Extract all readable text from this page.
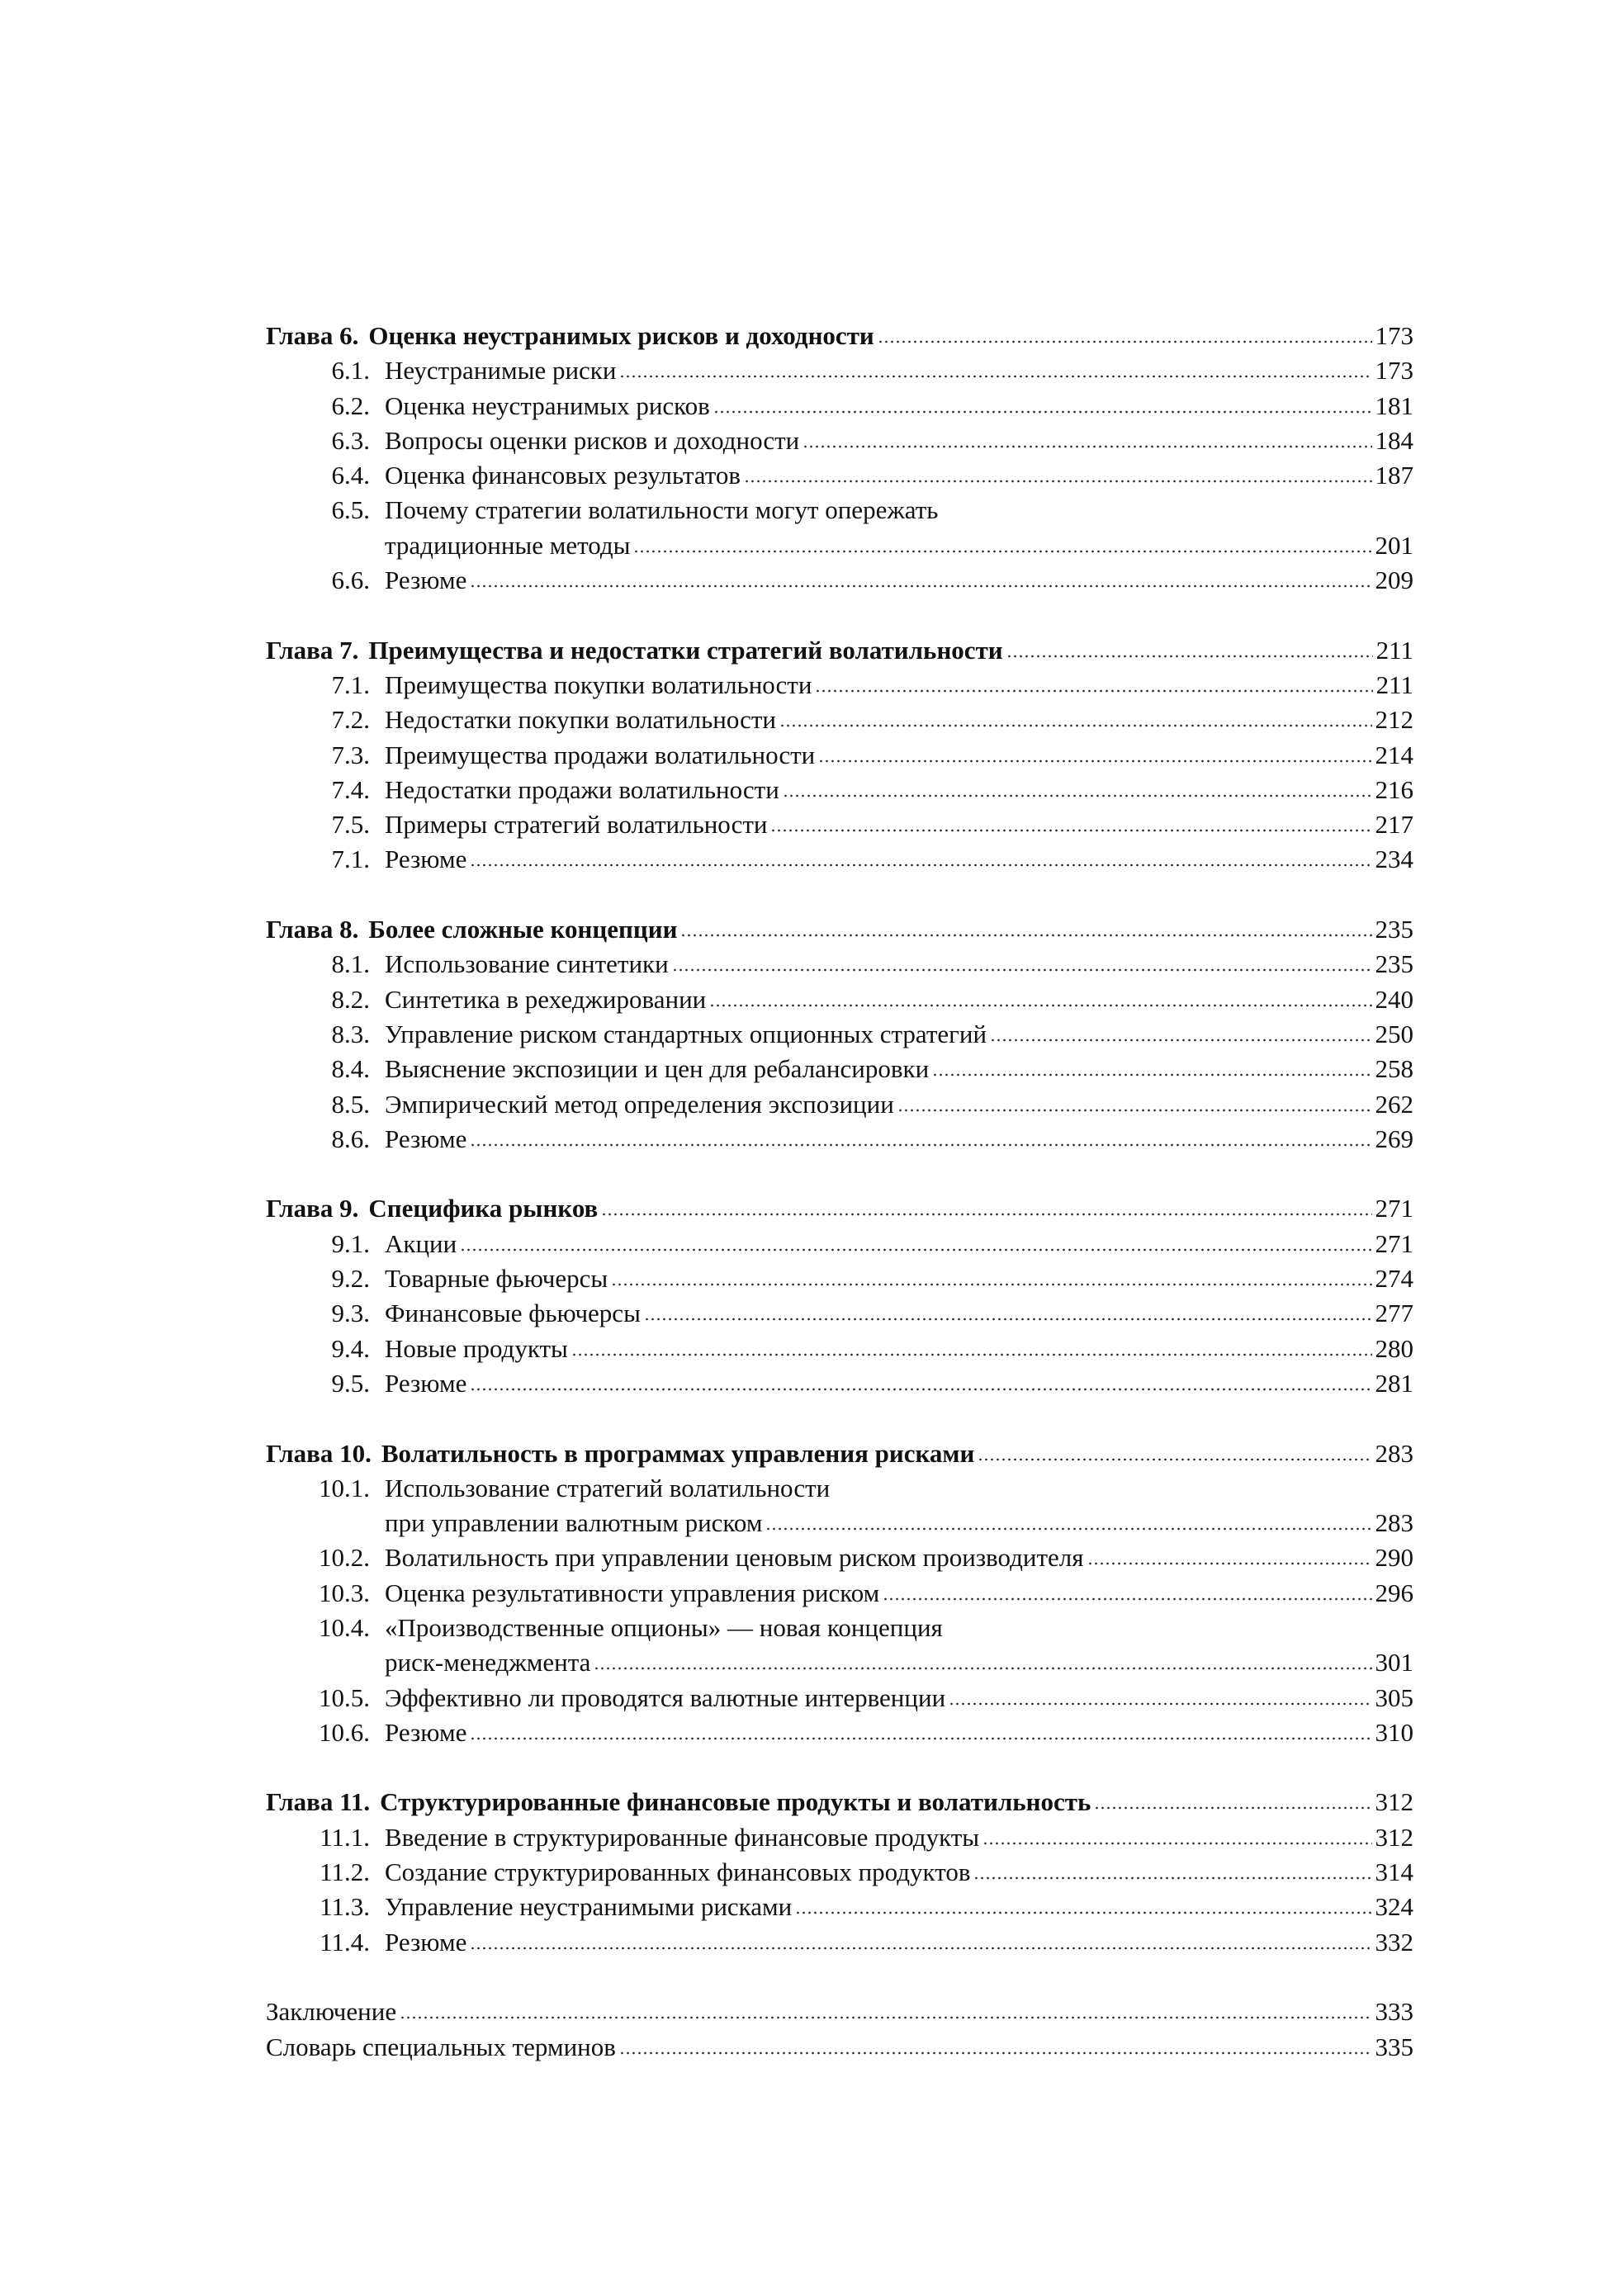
Глава 6. Оценка неустранимых рисков и доходности	173
6.1. Неустранимые риски	173
6.2. Оценка неустранимых рисков	181
6.3. Вопросы оценки рисков и доходности	184
6.4. Оценка финансовых результатов	187
6.5. Почему стратегии волатильности могут опережать
традиционные методы	201
6.6. Резюме	209
Глава 7. Преимущества и недостатки стратегий волатильности	211
7.1. Преимущества покупки волатильности	211
7.2. Недостатки покупки волатильности	212
7.3. Преимущества продажи волатильности	214
7.4. Недостатки продажи волатильности	216
7.5. Примеры стратегий волатильности	217
7.1. Резюме	234
Глава 8. Более сложные концепции	235
8.1. Использование синтетики	235
8.2. Синтетика в рехеджировании	240
8.3. Управление риском стандартных опционных стратегий	250
8.4. Выяснение экспозиции и цен для ребалансировки	258
8.5. Эмпирический метод определения экспозиции	262
8.6. Резюме	269
Глава 9. Специфика рынков	271
9.1. Акции	271
9.2. Товарные фьючерсы	274
9.3. Финансовые фьючерсы	277
9.4. Новые продукты	280
9.5. Резюме	281
Глава 10. Волатильность в программах управления рисками	283
10.1. Использование стратегий волатильности
при управлении валютным риском	283
10.2. Волатильность при управлении ценовым риском производителя	290
10.3. Оценка результативности управления риском	296
10.4. «Производственные опционы» — новая концепция
риск-менеджмента	301
10.5. Эффективно ли проводятся валютные интервенции	305
10.6. Резюме	310
Глава 11. Структурированные финансовые продукты и волатильность	312
11.1. Введение в структурированные финансовые продукты	312
11.2. Создание структурированных финансовых продуктов	314
11.3. Управление неустранимыми рисками	324
11.4. Резюме	332
Заключение	333
Словарь специальных терминов	335
